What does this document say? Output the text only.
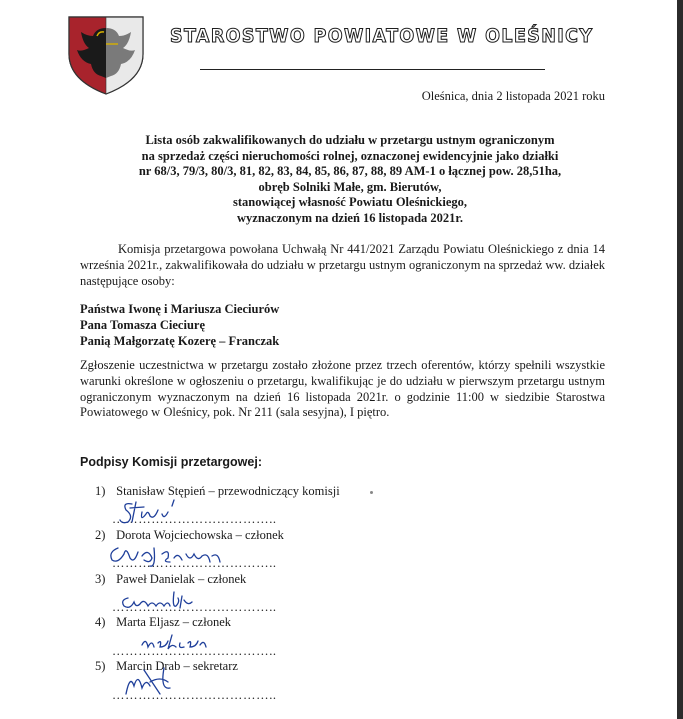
STAROSTWO POWIATOWE W OLEŚNICY
Oleśnica, dnia 2 listopada 2021 roku
Lista osób zakwalifikowanych do udziału w przetargu ustnym ograniczonym
na sprzedaż części nieruchomości rolnej, oznaczonej ewidencyjnie jako działki
nr 68/3, 79/3, 80/3, 81, 82, 83, 84, 85, 86, 87, 88, 89 AM-1 o łącznej pow. 28,51ha,
obręb Solniki Małe, gm. Bierutów,
stanowiącej własność Powiatu Oleśnickiego,
wyznaczonym na dzień 16 listopada 2021r.
Komisja przetargowa powołana Uchwałą Nr 441/2021 Zarządu Powiatu Oleśnickiego z dnia 14 września 2021r., zakwalifikowała do udziału w przetargu ustnym ograniczonym na sprzedaż ww. działek następujące osoby:
Państwa Iwonę i Mariusza Cieciurów
Pana Tomasza Cieciurę
Panią Małgorzatę Kozerę – Franczak
Zgłoszenie uczestnictwa w przetargu zostało złożone przez trzech oferentów, którzy spełnili wszystkie warunki określone w ogłoszeniu o przetargu, kwalifikując je do udziału w pierwszym przetargu ustnym ograniczonym wyznaczonym na dzień 16 listopada 2021r. o godzinie 11:00 w siedzibie Starostwa Powiatowego w Oleśnicy, pok. Nr 211 (sala sesyjna), I piętro.
Podpisy Komisji przetargowej:
1) Stanisław Stępień – przewodniczący komisji
………………………………..
2) Dorota Wojciechowska – członek
………………………………..
3) Paweł Danielak – członek
………………………………..
4) Marta Eljasz – członek
………………………………..
5) Marcin Drab – sekretarz
………………………………..
